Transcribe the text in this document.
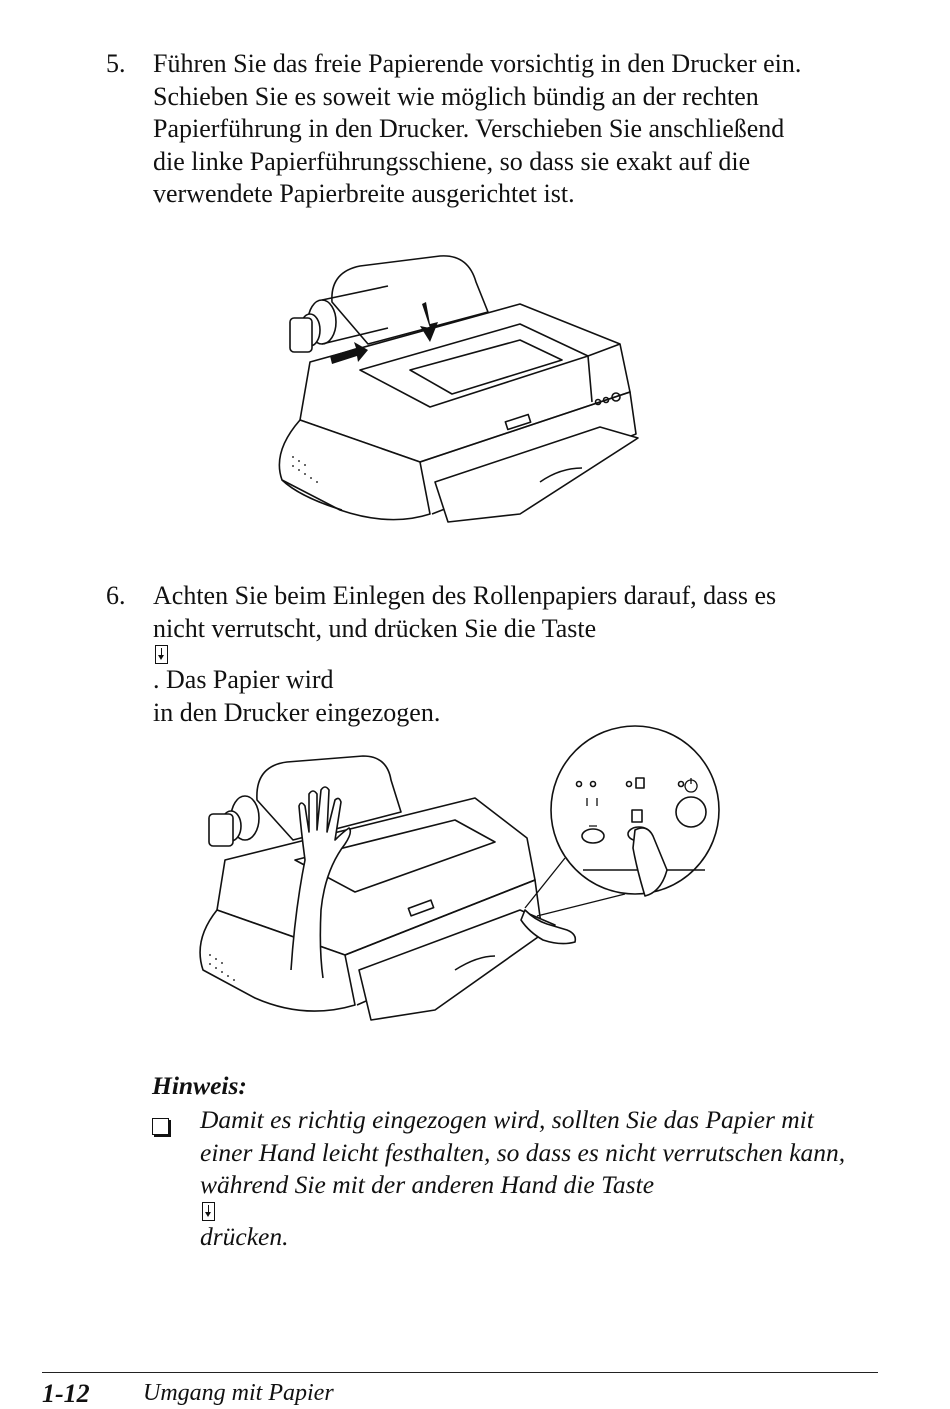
5. Führen Sie das freie Papierende vorsichtig in den Drucker ein.
Schieben Sie es soweit wie möglich bündig an der rechten
Papierführung in den Drucker. Verschieben Sie anschließend
die linke Papierführungsschiene, so dass sie exakt auf die
verwendete Papierbreite ausgerichtet ist.
6. Achten Sie beim Einlegen des Rollenpapiers darauf, dass es
nicht verrutscht, und drücken Sie die Taste
. Das Papier wird
in den Drucker eingezogen.
Hinweis:
Damit es richtig eingezogen wird, sollten Sie das Papier mit
einer Hand leicht festhalten, so dass es nicht verrutschen kann,
während Sie mit der anderen Hand die Taste
drücken.
1-12 Umgang mit Papier
